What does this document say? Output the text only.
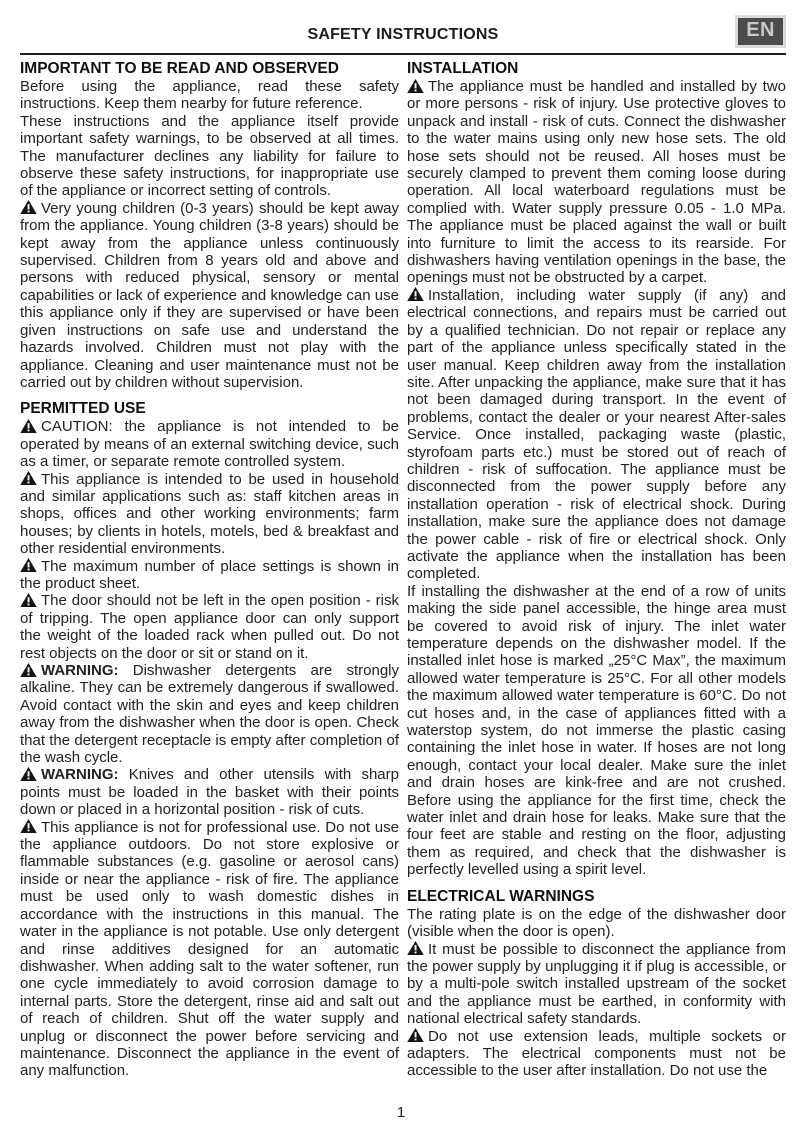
SAFETY INSTRUCTIONS	EN
IMPORTANT TO BE READ AND OBSERVED

Before using the appliance, read these safety instructions. Keep them nearby for future reference.

These instructions and the appliance itself provide important safety warnings, to be observed at all times. The manufacturer declines any liability for failure to observe these safety instructions, for inappropriate use of the appliance or incorrect setting of controls.

Very young children (0-3 years) should be kept away from the appliance. Young children (3-8 years) should be kept away from the appliance unless continuously supervised. Children from 8 years old and above and persons with reduced physical, sensory or mental capabilities or lack of experience and knowledge can use this appliance only if they are supervised or have been given instructions on safe use and understand the hazards involved. Children must not play with the appliance. Cleaning and user maintenance must not be carried out by children without supervision.

PERMITTED USE

CAUTION: the appliance is not intended to be operated by means of an external switching device, such as a timer, or separate remote controlled system.

This appliance is intended to be used in household and similar applications such as: staff kitchen areas in shops, offices and other working environments; farm houses; by clients in hotels, motels, bed & breakfast and other residential environments.

The maximum number of place settings is shown in the product sheet.

The door should not be left in the open position - risk of tripping. The open appliance door can only support the weight of the loaded rack when pulled out. Do not rest objects on the door or sit or stand on it.

WARNING: Dishwasher detergents are strongly alkaline. They can be extremely dangerous if swallowed. Avoid contact with the skin and eyes and keep children away from the dishwasher when the door is open. Check that the detergent receptacle is empty after completion of the wash cycle.

WARNING: Knives and other utensils with sharp points must be loaded in the basket with their points down or placed in a horizontal position - risk of cuts.

This appliance is not for professional use. Do not use the appliance outdoors. Do not store explosive or flammable substances (e.g. gasoline or aerosol cans) inside or near the appliance - risk of fire. The appliance must be used only to wash domestic dishes in accordance with the instructions in this manual. The water in the appliance is not potable. Use only detergent and rinse additives designed for an automatic dishwasher. When adding salt to the water softener, run one cycle immediately to avoid corrosion damage to internal parts. Store the detergent, rinse aid and salt out of reach of children. Shut off the water supply and unplug or disconnect the power before servicing and maintenance. Disconnect the appliance in the event of any malfunction.

INSTALLATION

The appliance must be handled and installed by two or more persons - risk of injury. Use protective gloves to unpack and install - risk of cuts. Connect the dishwasher to the water mains using only new hose sets. The old hose sets should not be reused. All hoses must be securely clamped to prevent them coming loose during operation. All local waterboard regulations must be complied with. Water supply pressure 0.05 - 1.0 MPa. The appliance must be placed against the wall or built into furniture to limit the access to its rearside. For dishwashers having ventilation openings in the base, the openings must not be obstructed by a carpet.

Installation, including water supply (if any) and electrical connections, and repairs must be carried out by a qualified technician. Do not repair or replace any part of the appliance unless specifically stated in the user manual. Keep children away from the installation site. After unpacking the appliance, make sure that it has not been damaged during transport. In the event of problems, contact the dealer or your nearest After-sales Service. Once installed, packaging waste (plastic, styrofoam parts etc.) must be stored out of reach of children - risk of suffocation. The appliance must be disconnected from the power supply before any installation operation - risk of electrical shock. During installation, make sure the appliance does not damage the power cable - risk of fire or electrical shock. Only activate the appliance when the installation has been completed.

If installing the dishwasher at the end of a row of units making the side panel accessible, the hinge area must be covered to avoid risk of injury. The inlet water temperature depends on the dishwasher model. If the installed inlet hose is marked „25°C Max”, the maximum allowed water temperature is 25°C. For all other models the maximum allowed water temperature is 60°C. Do not cut hoses and, in the case of appliances fitted with a waterstop system, do not immerse the plastic casing containing the inlet hose in water. If hoses are not long enough, contact your local dealer. Make sure the inlet and drain hoses are kink-free and are not crushed. Before using the appliance for the first time, check the water inlet and drain hose for leaks. Make sure that the four feet are stable and resting on the floor, adjusting them as required, and check that the dishwasher is perfectly levelled using a spirit level.

ELECTRICAL WARNINGS

The rating plate is on the edge of the dishwasher door (visible when the door is open).

It must be possible to disconnect the appliance from the power supply by unplugging it if plug is accessible, or by a multi-pole switch installed upstream of the socket and the appliance must be earthed, in conformity with national electrical safety standards.

Do not use extension leads, multiple sockets or adapters. The electrical components must not be accessible to the user after installation. Do not use the

1
